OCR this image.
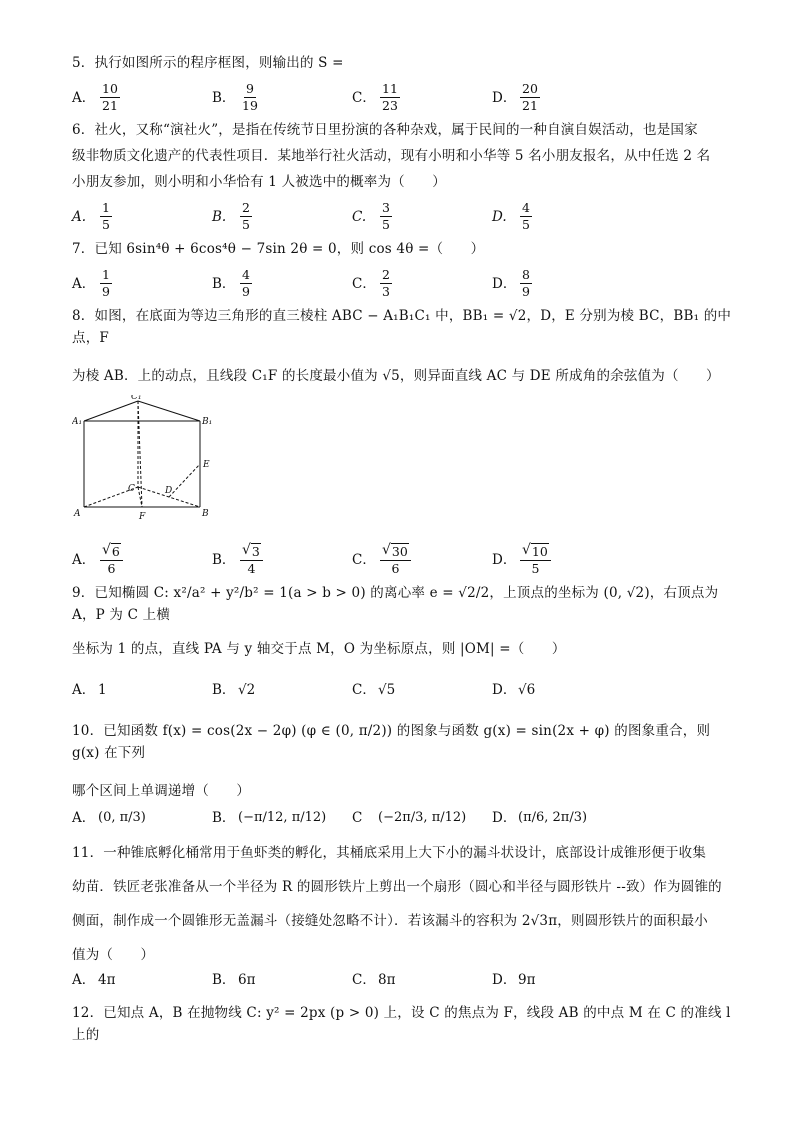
5．执行如图所示的程序框图，则输出的 S =

A． $\frac{10}{21}$	B． $\frac{9}{19}$	C． $\frac{11}{23}$	D． $\frac{20}{21}$

6．社火，又称“演社火”，是指在传统节日里扮演的各种杂戏，属于民间的一种自演自娱活动，也是国家

级非物质文化遗产的代表性项目．某地举行社火活动，现有小明和小华等 5 名小朋友报名，从中任选 2 名

小朋友参加，则小明和小华恰有 1 人被选中的概率为（　　）

A.	$\frac{1}{5}$	B.	$\frac{2}{5}$	C.	$\frac{3}{5}$	D.	$\frac{4}{5}$

7．已知 6sin⁴θ + 6cos⁴θ − 7sin 2θ = 0，则 cos 4θ =（　　）

A． $\frac{1}{9}$	B． $\frac{4}{9}$	C． $\frac{2}{3}$	D． $\frac{8}{9}$

8．如图，在底面为等边三角形的直三棱柱 ABC − A₁B₁C₁ 中，BB₁ = √2，D，E 分别为棱 BC，BB₁ 的中点，F

为棱 AB．上的动点，且线段 C₁F 的长度最小值为 √5，则异面直线 AC 与 DE 所成角的余弦值为（　　）

A₁	B₁
C₁
A	B
C	D
E
F
A． $\frac{√ 6}{6}$	B． $\frac{√ 3}{4}$	C． $\frac{√ 30}{6}$	D． $\frac{√ 10}{5}$

9．已知椭圆 C: x²/a² + y²/b² = 1(a > b > 0) 的离心率 e = √2/2，上顶点的坐标为 (0, √2)，右顶点为 A，P 为 C 上横

坐标为 1 的点，直线 PA 与 y 轴交于点 M，O 为坐标原点，则 |OM| =（　　）

A． 1	B． √2	C． √5	D． √6

10．已知函数 f(x) = cos(2x − 2φ) (φ ∈ (0, π/2)) 的图象与函数 g(x) = sin(2x + φ) 的图象重合，则 g(x) 在下列

哪个区间上单调递增（　　）

A． (0, π/3)	B． (−π/12, π/12) C	(−2π/3, π/12) D． (π/6, 2π/3)

11．一种锥底孵化桶常用于鱼虾类的孵化，其桶底采用上大下小的漏斗状设计，底部设计成锥形便于收集

幼苗．铁匠老张准备从一个半径为 R 的圆形铁片上剪出一个扇形（圆心和半径与圆形铁片 --致）作为圆锥的

侧面，制作成一个圆锥形无盖漏斗（接缝处忽略不计）．若该漏斗的容积为 2√3π，则圆形铁片的面积最小

值为（　　）

A． 4π	B． 6π	C． 8π	D． 9π

12．已知点 A，B 在抛物线 C: y² = 2px (p > 0) 上，设 C 的焦点为 F，线段 AB 的中点 M 在 C 的准线 l 上的
